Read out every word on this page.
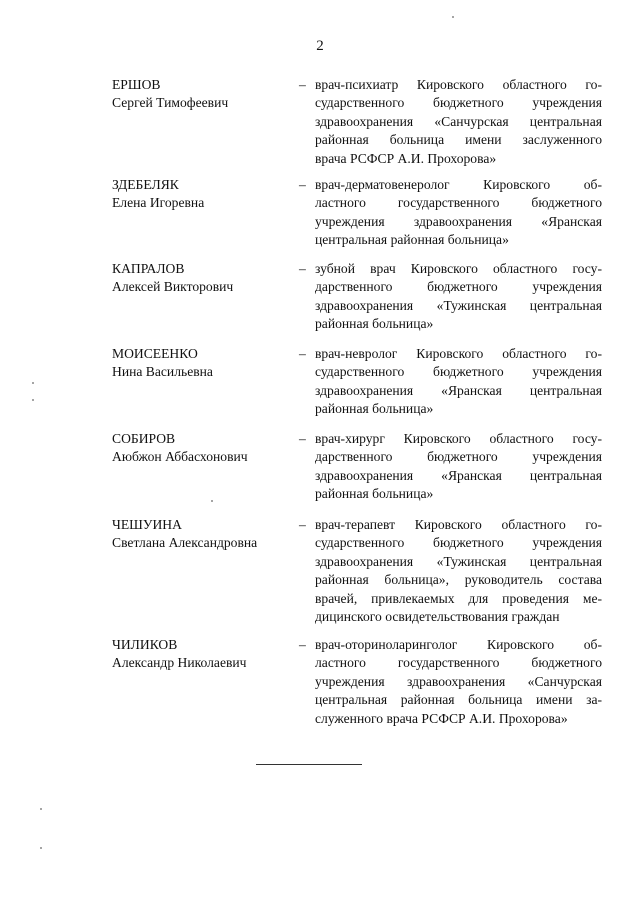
2
ЕРШОВ
Сергей Тимофеевич
– врач-психиатр Кировского областного го-
сударственного бюджетного учреждения
здравоохранения «Санчурская центральная
районная больница имени заслуженного
врача РСФСР А.И. Прохорова»
ЗДЕБЕЛЯК
Елена Игоревна
– врач-дерматовенеролог Кировского об-
ластного государственного бюджетного
учреждения здравоохранения «Яранская
центральная районная больница»
КАПРАЛОВ
Алексей Викторович
– зубной врач Кировского областного госу-
дарственного бюджетного учреждения
здравоохранения «Тужинская центральная
районная больница»
МОИСЕЕНКО
Нина Васильевна
– врач-невролог Кировского областного го-
сударственного бюджетного учреждения
здравоохранения «Яранская центральная
районная больница»
СОБИРОВ
Аюбжон Аббасхонович
– врач-хирург Кировского областного госу-
дарственного бюджетного учреждения
здравоохранения «Яранская центральная
районная больница»
ЧЕШУИНА
Светлана Александровна
– врач-терапевт Кировского областного го-
сударственного бюджетного учреждения
здравоохранения «Тужинская центральная
районная больница», руководитель состава
врачей, привлекаемых для проведения ме-
дицинского освидетельствования граждан
ЧИЛИКОВ
Александр Николаевич
– врач-оториноларинголог Кировского об-
ластного государственного бюджетного
учреждения здравоохранения «Санчурская
центральная районная больница имени за-
служенного врача РСФСР А.И. Прохорова»
